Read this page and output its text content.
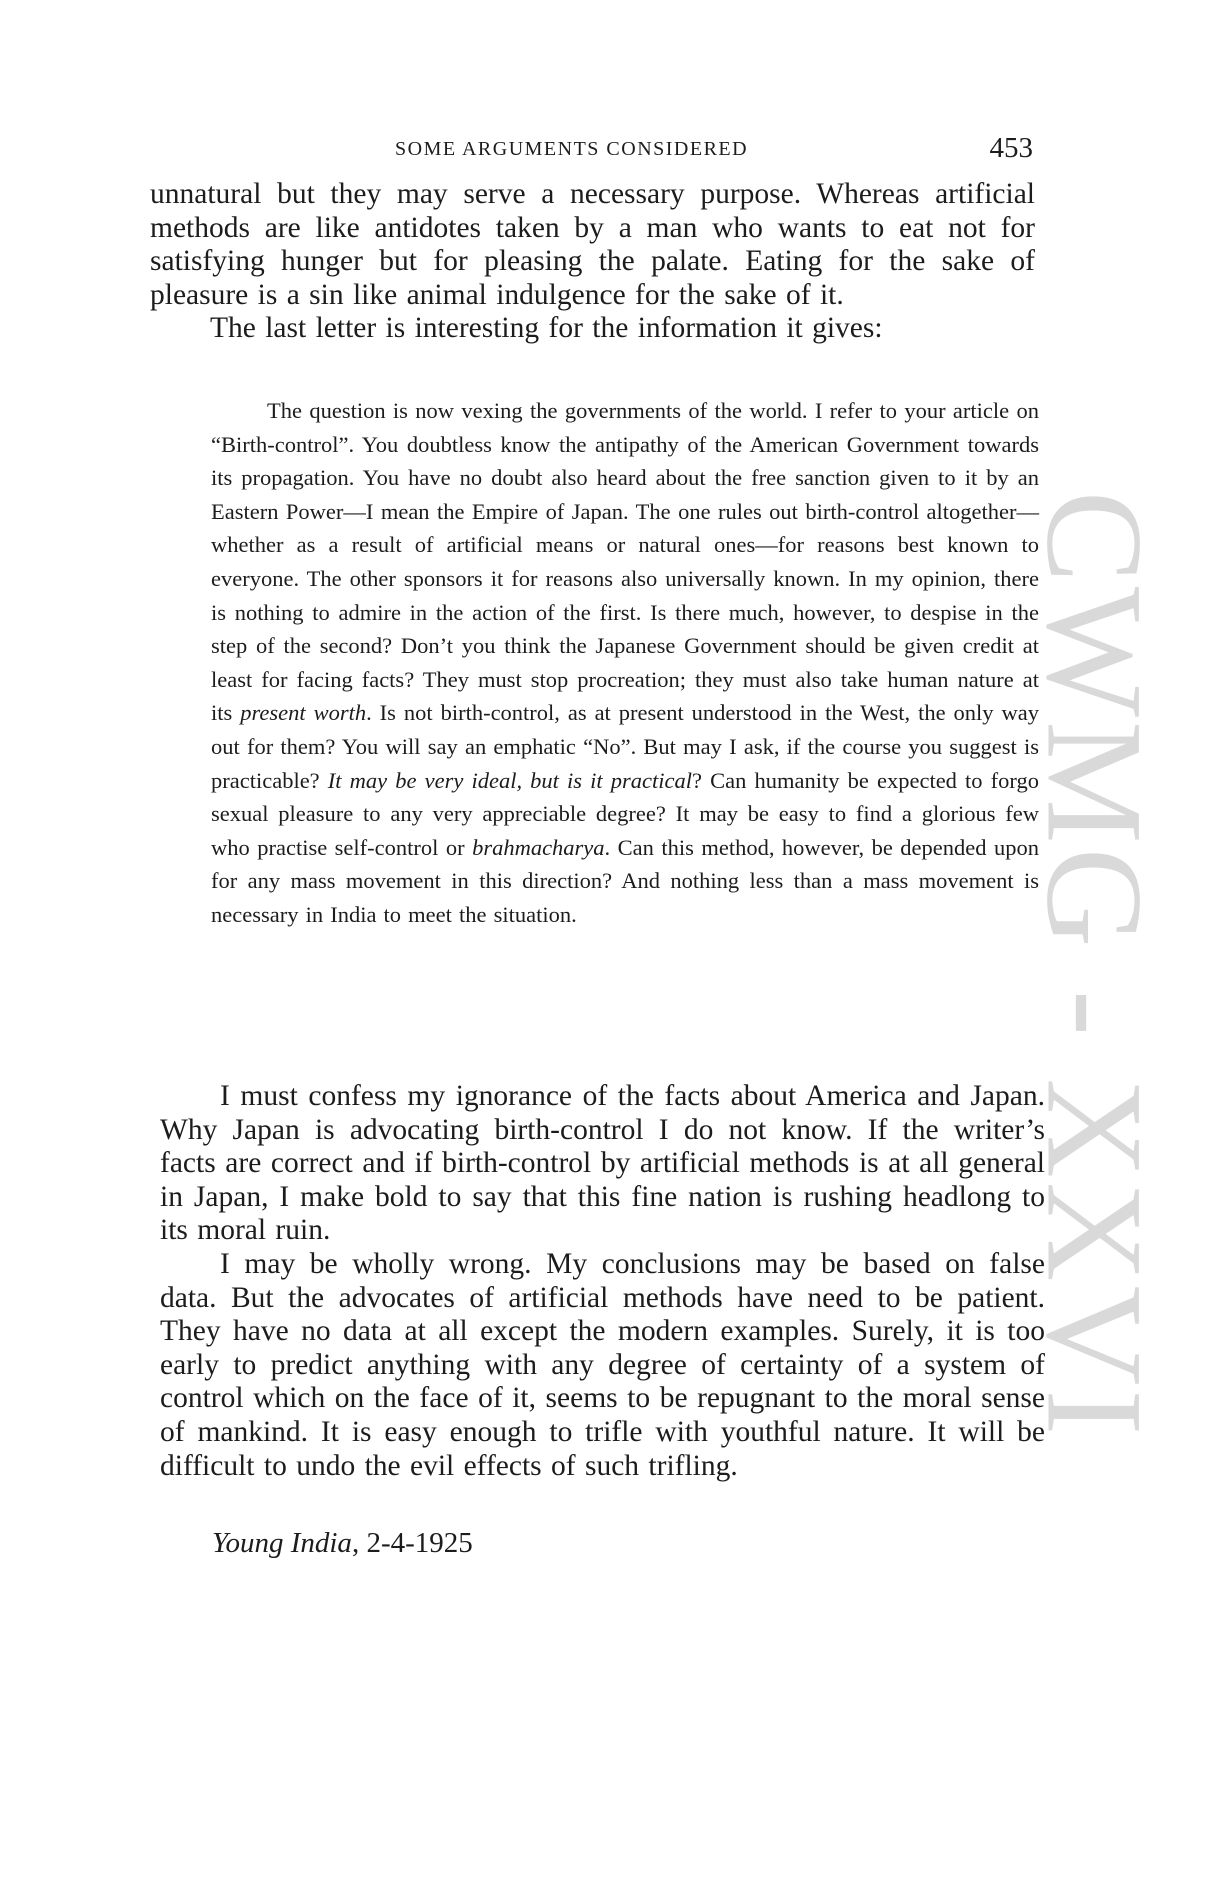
SOME ARGUMENTS CONSIDERED	453

unnatural but they may serve a necessary purpose. Whereas artificial methods are like antidotes taken by a man who wants to eat not for satisfying hunger but for pleasing the palate. Eating for the sake of pleasure is a sin like animal indulgence for the sake of it.

The last letter is interesting for the information it gives:

The question is now vexing the governments of the world. I refer to your article on “Birth-control”. You doubtless know the antipathy of the American Government towards its propagation. You have no doubt also heard about the free sanction given to it by an Eastern Power—I mean the Empire of Japan. The one rules out birth-control altogether—whether as a result of artificial means or natural ones—for reasons best known to everyone. The other sponsors it for reasons also universally known. In my opinion, there is nothing to admire in the action of the first. Is there much, however, to despise in the step of the second? Don’t you think the Japanese Government should be given credit at least for facing facts? They must stop procreation; they must also take human nature at its present worth. Is not birth-control, as at present understood in the West, the only way out for them? You will say an emphatic “No”. But may I ask, if the course you suggest is practicable? It may be very ideal, but is it practical? Can humanity be expected to forgo sexual pleasure to any very appreciable degree? It may be easy to find a glorious few who practise self-control or brahmacharya. Can this method, however, be depended upon for any mass movement in this direction? And nothing less than a mass movement is necessary in India to meet the situation.

I must confess my ignorance of the facts about America and Japan. Why Japan is advocating birth-control I do not know. If the writer’s facts are correct and if birth-control by artificial methods is at all general in Japan, I make bold to say that this fine nation is rushing headlong to its moral ruin.

I may be wholly wrong. My conclusions may be based on false data. But the advocates of artificial methods have need to be patient. They have no data at all except the modern examples. Surely, it is too early to predict anything with any degree of certainty of a system of control which on the face of it, seems to be repugnant to the moral sense of mankind. It is easy enough to trifle with youthful nature. It will be difficult to undo the evil effects of such trifling.

Young India, 2-4-1925
CWMG - XXVI
